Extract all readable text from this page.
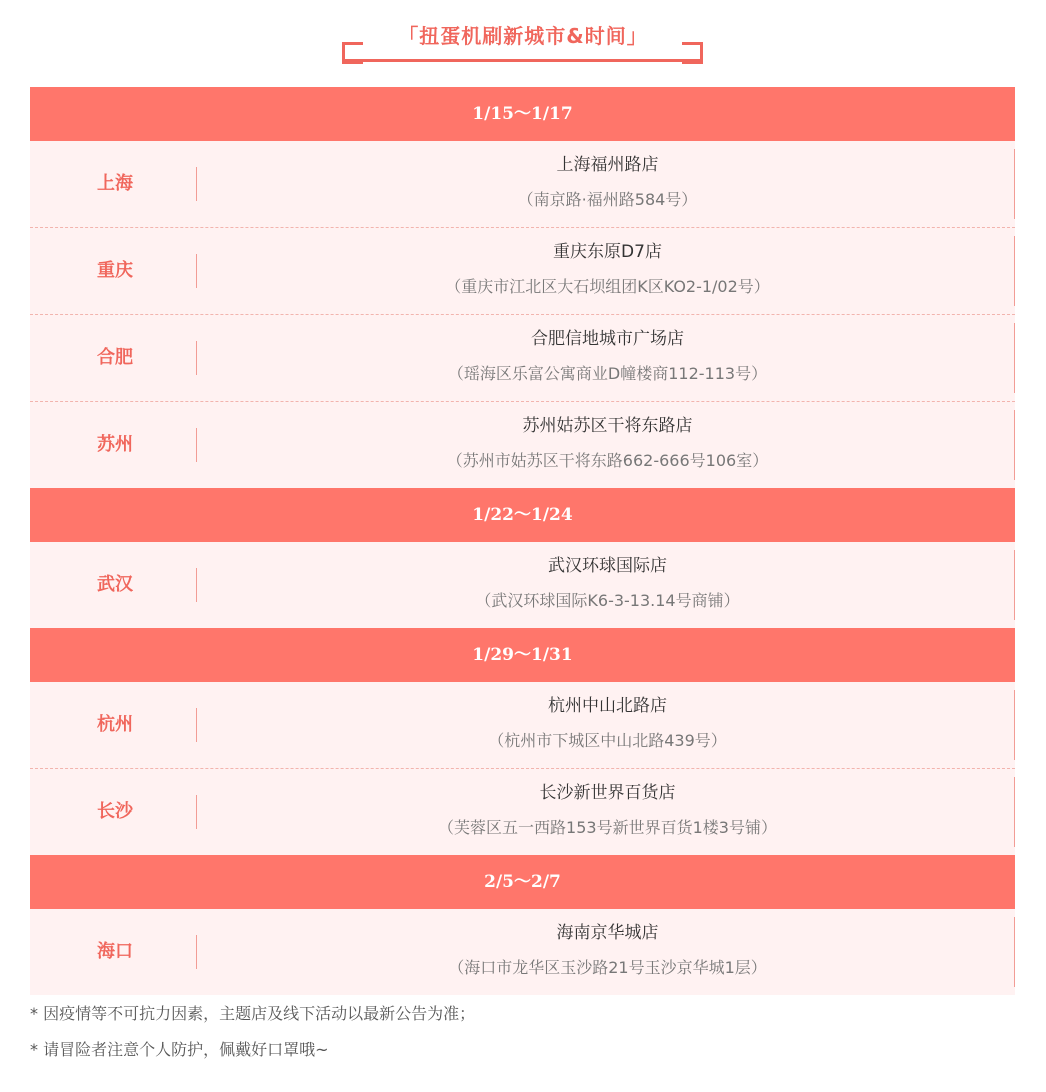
「扭蛋机刷新城市&时间」
1/15～1/17
上海
上海福州路店
（南京路·福州路584号）
重庆
重庆东原D7店
（重庆市江北区大石坝组团K区KO2-1/02号）
合肥
合肥信地城市广场店
（瑶海区乐富公寓商业D幢楼商112-113号）
苏州
苏州姑苏区干将东路店
（苏州市姑苏区干将东路662-666号106室）
1/22～1/24
武汉
武汉环球国际店
（武汉环球国际K6-3-13.14号商铺）
1/29～1/31
杭州
杭州中山北路店
（杭州市下城区中山北路439号）
长沙
长沙新世界百货店
（芙蓉区五一西路153号新世界百货1楼3号铺）
2/5～2/7
海口
海南京华城店
（海口市龙华区玉沙路21号玉沙京华城1层）
* 因疫情等不可抗力因素，主题店及线下活动以最新公告为准；
* 请冒险者注意个人防护，佩戴好口罩哦~
